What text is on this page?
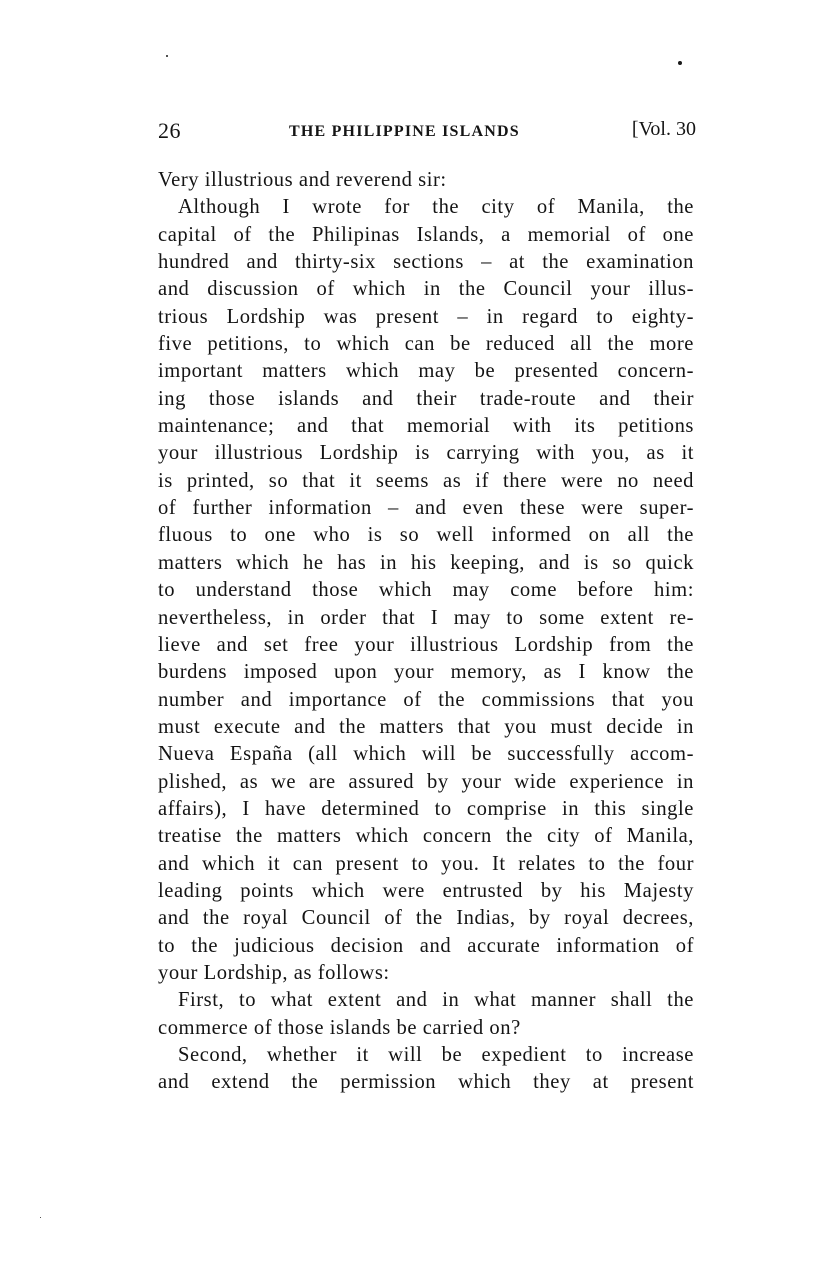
26	THE PHILIPPINE ISLANDS	[Vol. 30
Very illustrious and reverend sir:
Although I wrote for the city of Manila, the
capital of the Philipinas Islands, a memorial of one
hundred and thirty-six sections – at the examination
and discussion of which in the Council your illus-
trious Lordship was present – in regard to eighty-
five petitions, to which can be reduced all the more
important matters which may be presented concern-
ing those islands and their trade-route and their
maintenance; and that memorial with its petitions
your illustrious Lordship is carrying with you, as it
is printed, so that it seems as if there were no need
of further information – and even these were super-
fluous to one who is so well informed on all the
matters which he has in his keeping, and is so quick
to understand those which may come before him:
nevertheless, in order that I may to some extent re-
lieve and set free your illustrious Lordship from the
burdens imposed upon your memory, as I know the
number and importance of the commissions that you
must execute and the matters that you must decide in
Nueva España (all which will be successfully accom-
plished, as we are assured by your wide experience in
affairs), I have determined to comprise in this single
treatise the matters which concern the city of Manila,
and which it can present to you. It relates to the four
leading points which were entrusted by his Majesty
and the royal Council of the Indias, by royal decrees,
to the judicious decision and accurate information of
your Lordship, as follows:
First, to what extent and in what manner shall the
commerce of those islands be carried on?
Second, whether it will be expedient to increase
and extend the permission which they at present
